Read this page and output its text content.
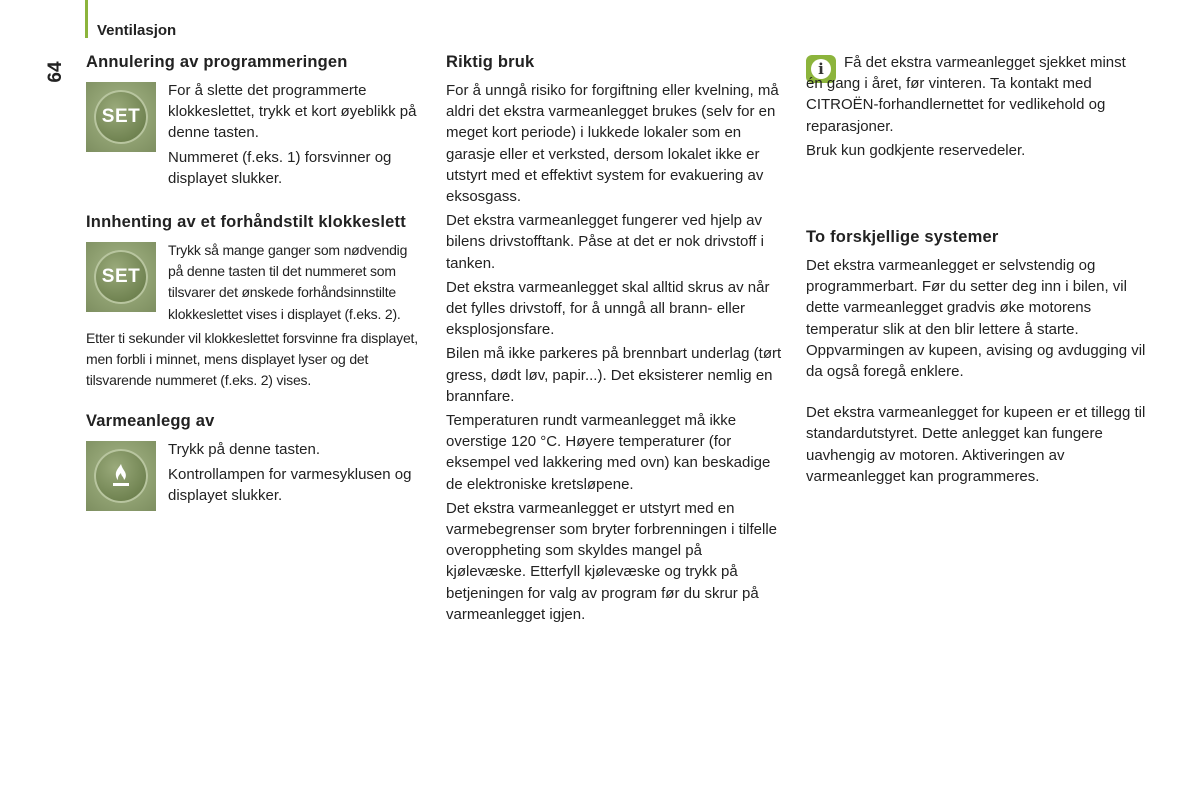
Ventilasjon
64 Annulering av programmeringen
SET

For å slette det programmerte klokkeslettet, trykk et kort øyeblikk på denne tasten.

Nummeret (f.eks. 1) forsvinner og displayet slukker.

Innhenting av et forhåndstilt klokkeslett
SET

Trykk så mange ganger som nødvendig på denne tasten til det nummeret som tilsvarer det ønskede forhåndsinnstilte klokkeslettet vises i displayet (f.eks. 2).

Etter ti sekunder vil klokkeslettet forsvinne fra displayet, men forbli i minnet, mens displayet lyser og det tilsvarende nummeret (f.eks. 2) vises.

Varmeanlegg av

Trykk på denne tasten.

Kontrollampen for varmesyklusen og displayet slukker.

Riktig bruk

For å unngå risiko for forgiftning eller kvelning, må aldri det ekstra varmeanlegget brukes (selv for en meget kort periode) i lukkede lokaler som en garasje eller et verksted, dersom lokalet ikke er utstyrt med et effektivt system for evakuering av eksosgass.

Det ekstra varmeanlegget fungerer ved hjelp av bilens drivstofftank. Påse at det er nok drivstoff i tanken.

Det ekstra varmeanlegget skal alltid skrus av når det fylles drivstoff, for å unngå all brann- eller eksplosjonsfare.

Bilen må ikke parkeres på brennbart underlag (tørt gress, dødt løv, papir...). Det eksisterer nemlig en brannfare.

Temperaturen rundt varmeanlegget må ikke overstige 120 °C. Høyere temperaturer (for eksempel ved lakkering med ovn) kan beskadige de elektroniske kretsløpene.

Det ekstra varmeanlegget er utstyrt med en varmebegrenser som bryter forbrenningen i tilfelle overoppheting som skyldes mangel på kjølevæske. Etterfyll kjølevæske og trykk på betjeningen for valg av program før du skrur på varmeanlegget igjen.

i	Få det ekstra varmeanlegget sjekket minst én gang i året, før vinteren. Ta kontakt med CITROËN-forhandlernettet for vedlikehold og reparasjoner.

Bruk kun godkjente reservedeler.

To forskjellige systemer

Det ekstra varmeanlegget er selvstendig og programmerbart. Før du setter deg inn i bilen, vil dette varmeanlegget gradvis øke motorens temperatur slik at den blir lettere å starte. Oppvarmingen av kupeen, avising og avdugging vil da også foregå enklere.

Det ekstra varmeanlegget for kupeen er et tillegg til standardutstyret. Dette anlegget kan fungere uavhengig av motoren. Aktiveringen av varmeanlegget kan programmeres.
